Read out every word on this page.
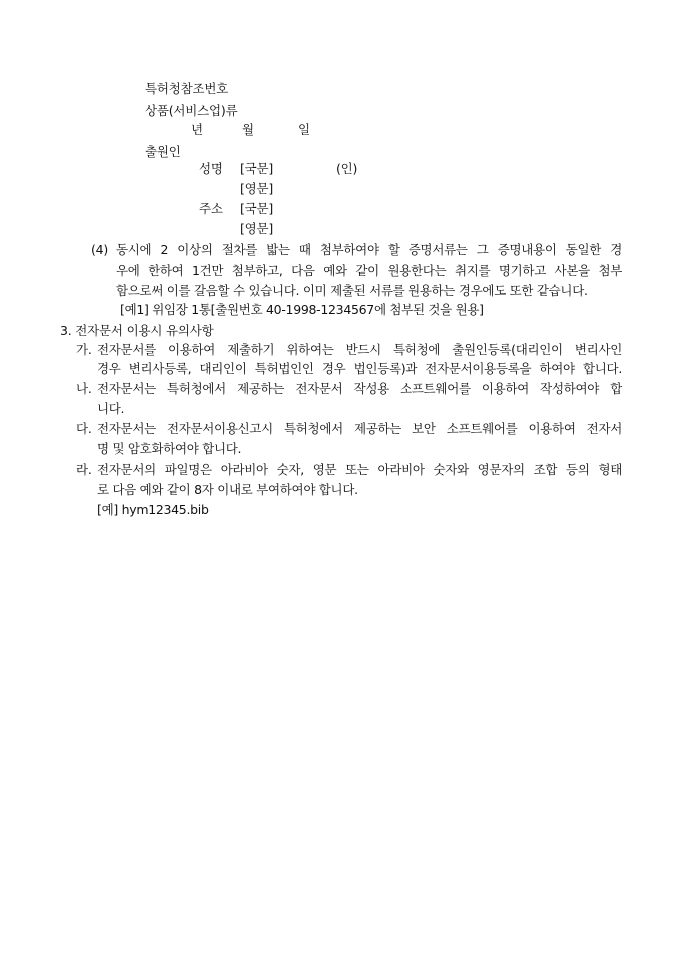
특허청참조번호
상품(서비스업)류
년	월	일
출원인
성명 [국문]	(인)
[영문]
주소 [국문]
[영문]
(4) 동시에 2 이상의 절차를 밟는 때 첨부하여야 할 증명서류는 그 증명내용이 동일한 경
우에 한하여 1건만 첨부하고, 다음 예와 같이 원용한다는 취지를 명기하고 사본을 첨부
함으로써 이를 갈음할 수 있습니다. 이미 제출된 서류를 원용하는 경우에도 또한 같습니다.
[예1] 위임장 1통[출원번호 40-1998-1234567에 첨부된 것을 원용]
3. 전자문서 이용시 유의사항
가. 전자문서를 이용하여 제출하기 위하여는 반드시 특허청에 출원인등록(대리인이 변리사인
경우 변리사등록, 대리인이 특허법인인 경우 법인등록)과 전자문서이용등록을 하여야 합니다.
나. 전자문서는 특허청에서 제공하는 전자문서 작성용 소프트웨어를 이용하여 작성하여야 합
니다.
다. 전자문서는 전자문서이용신고시 특허청에서 제공하는 보안 소프트웨어를 이용하여 전자서
명 및 암호화하여야 합니다.
라. 전자문서의 파일명은 아라비아 숫자, 영문 또는 아라비아 숫자와 영문자의 조합 등의 형태
로 다음 예와 같이 8자 이내로 부여하여야 합니다.
[예] hym12345.bib
